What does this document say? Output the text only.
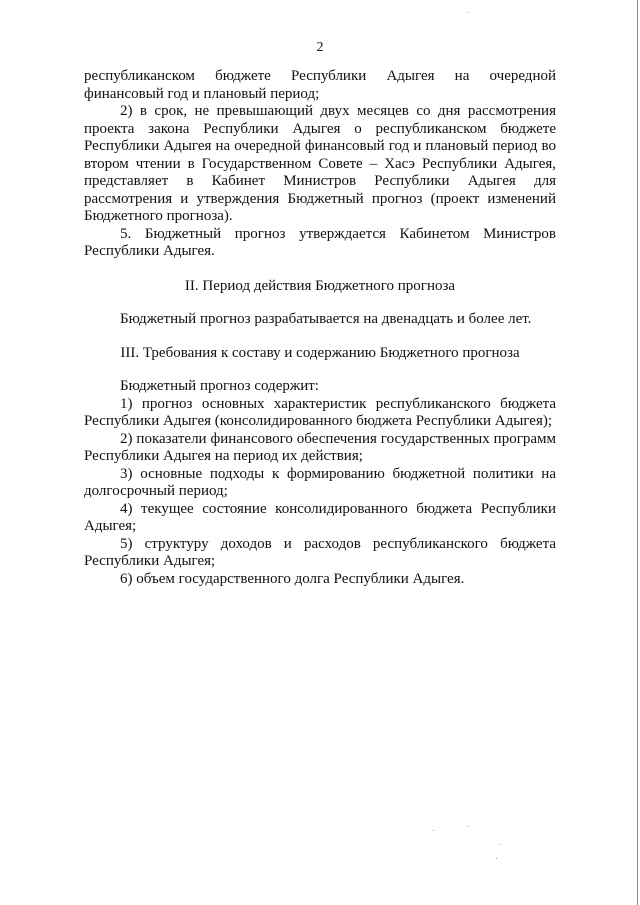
2

республиканском бюджете Республики Адыгея на очередной финансовый год и плановый период;

2) в срок, не превышающий двух месяцев со дня рассмотрения проекта закона Республики Адыгея о республиканском бюджете Республики Адыгея на очередной финансовый год и плановый период во втором чтении в Государственном Совете – Хасэ Республики Адыгея, представляет в Кабинет Министров Республики Адыгея для рассмотрения и утверждения Бюджетный прогноз (проект изменений Бюджетного прогноза).

5. Бюджетный прогноз утверждается Кабинетом Министров Республики Адыгея.

II. Период действия Бюджетного прогноза

Бюджетный прогноз разрабатывается на двенадцать и более лет.

III. Требования к составу и содержанию Бюджетного прогноза

Бюджетный прогноз содержит:

1) прогноз основных характеристик республиканского бюджета Республики Адыгея (консолидированного бюджета Республики Адыгея);

2) показатели финансового обеспечения государственных программ Республики Адыгея на период их действия;

3) основные подходы к формированию бюджетной политики на долгосрочный период;

4) текущее состояние консолидированного бюджета Республики Адыгея;

5) структуру доходов и расходов республиканского бюджета Республики Адыгея;

6) объем государственного долга Республики Адыгея.
